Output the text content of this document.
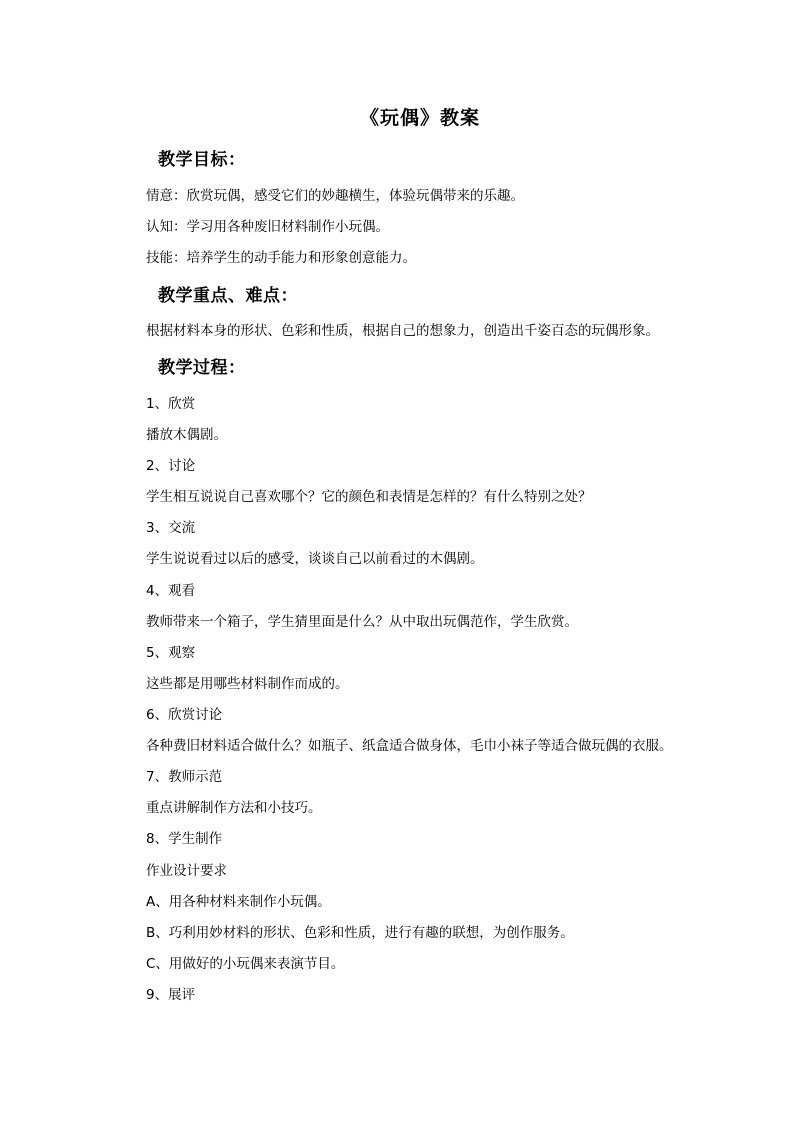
《玩偶》教案
教学目标：
情意：欣赏玩偶，感受它们的妙趣横生，体验玩偶带来的乐趣。
认知：学习用各种废旧材料制作小玩偶。
技能：培养学生的动手能力和形象创意能力。
教学重点、难点：
根据材料本身的形状、色彩和性质，根据自己的想象力，创造出千姿百态的玩偶形象。
教学过程：
1、欣赏
播放木偶剧。
2、讨论
学生相互说说自己喜欢哪个？它的颜色和表情是怎样的？有什么特别之处？
3、交流
学生说说看过以后的感受，谈谈自己以前看过的木偶剧。
4、观看
教师带来一个箱子，学生猜里面是什么？从中取出玩偶范作，学生欣赏。
5、观察
这些都是用哪些材料制作而成的。
6、欣赏讨论
各种费旧材料适合做什么？如瓶子、纸盒适合做身体，毛巾小袜子等适合做玩偶的衣服。
7、教师示范
重点讲解制作方法和小技巧。
8、学生制作
作业设计要求
A、用各种材料来制作小玩偶。
B、巧利用妙材料的形状、色彩和性质，进行有趣的联想，为创作服务。
C、用做好的小玩偶来表演节目。
9、展评
